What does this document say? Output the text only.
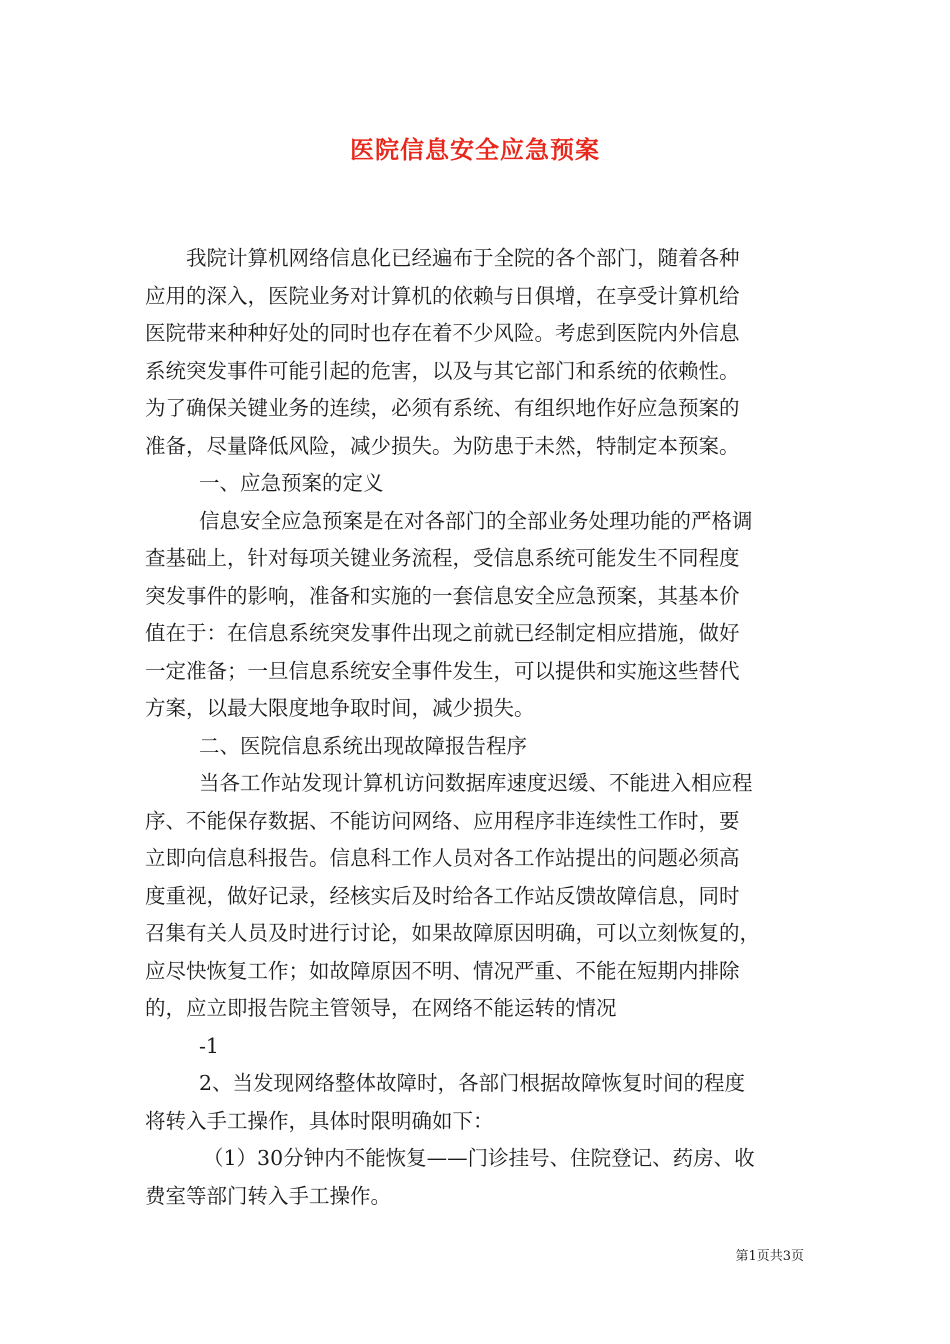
医院信息安全应急预案

我院计算机网络信息化已经遍布于全院的各个部门，随着各种

应用的深入，医院业务对计算机的依赖与日俱增，在享受计算机给

医院带来种种好处的同时也存在着不少风险。考虑到医院内外信息

系统突发事件可能引起的危害，以及与其它部门和系统的依赖性。

为了确保关键业务的连续，必须有系统、有组织地作好应急预案的

准备，尽量降低风险，减少损失。为防患于未然，特制定本预案。

一、应急预案的定义

信息安全应急预案是在对各部门的全部业务处理功能的严格调

查基础上，针对每项关键业务流程，受信息系统可能发生不同程度

突发事件的影响，准备和实施的一套信息安全应急预案，其基本价

值在于：在信息系统突发事件出现之前就已经制定相应措施，做好

一定准备；一旦信息系统安全事件发生，可以提供和实施这些替代

方案，以最大限度地争取时间，减少损失。

二、医院信息系统出现故障报告程序

当各工作站发现计算机访问数据库速度迟缓、不能进入相应程

序、不能保存数据、不能访问网络、应用程序非连续性工作时，要

立即向信息科报告。信息科工作人员对各工作站提出的问题必须高

度重视，做好记录，经核实后及时给各工作站反馈故障信息，同时

召集有关人员及时进行讨论，如果故障原因明确，可以立刻恢复的，

应尽快恢复工作；如故障原因不明、情况严重、不能在短期内排除

的，应立即报告院主管领导，在网络不能运转的情况

-1

2、当发现网络整体故障时，各部门根据故障恢复时间的程度

将转入手工操作，具体时限明确如下：

（1）30分钟内不能恢复——门诊挂号、住院登记、药房、收

费室等部门转入手工操作。

第1页共3页
